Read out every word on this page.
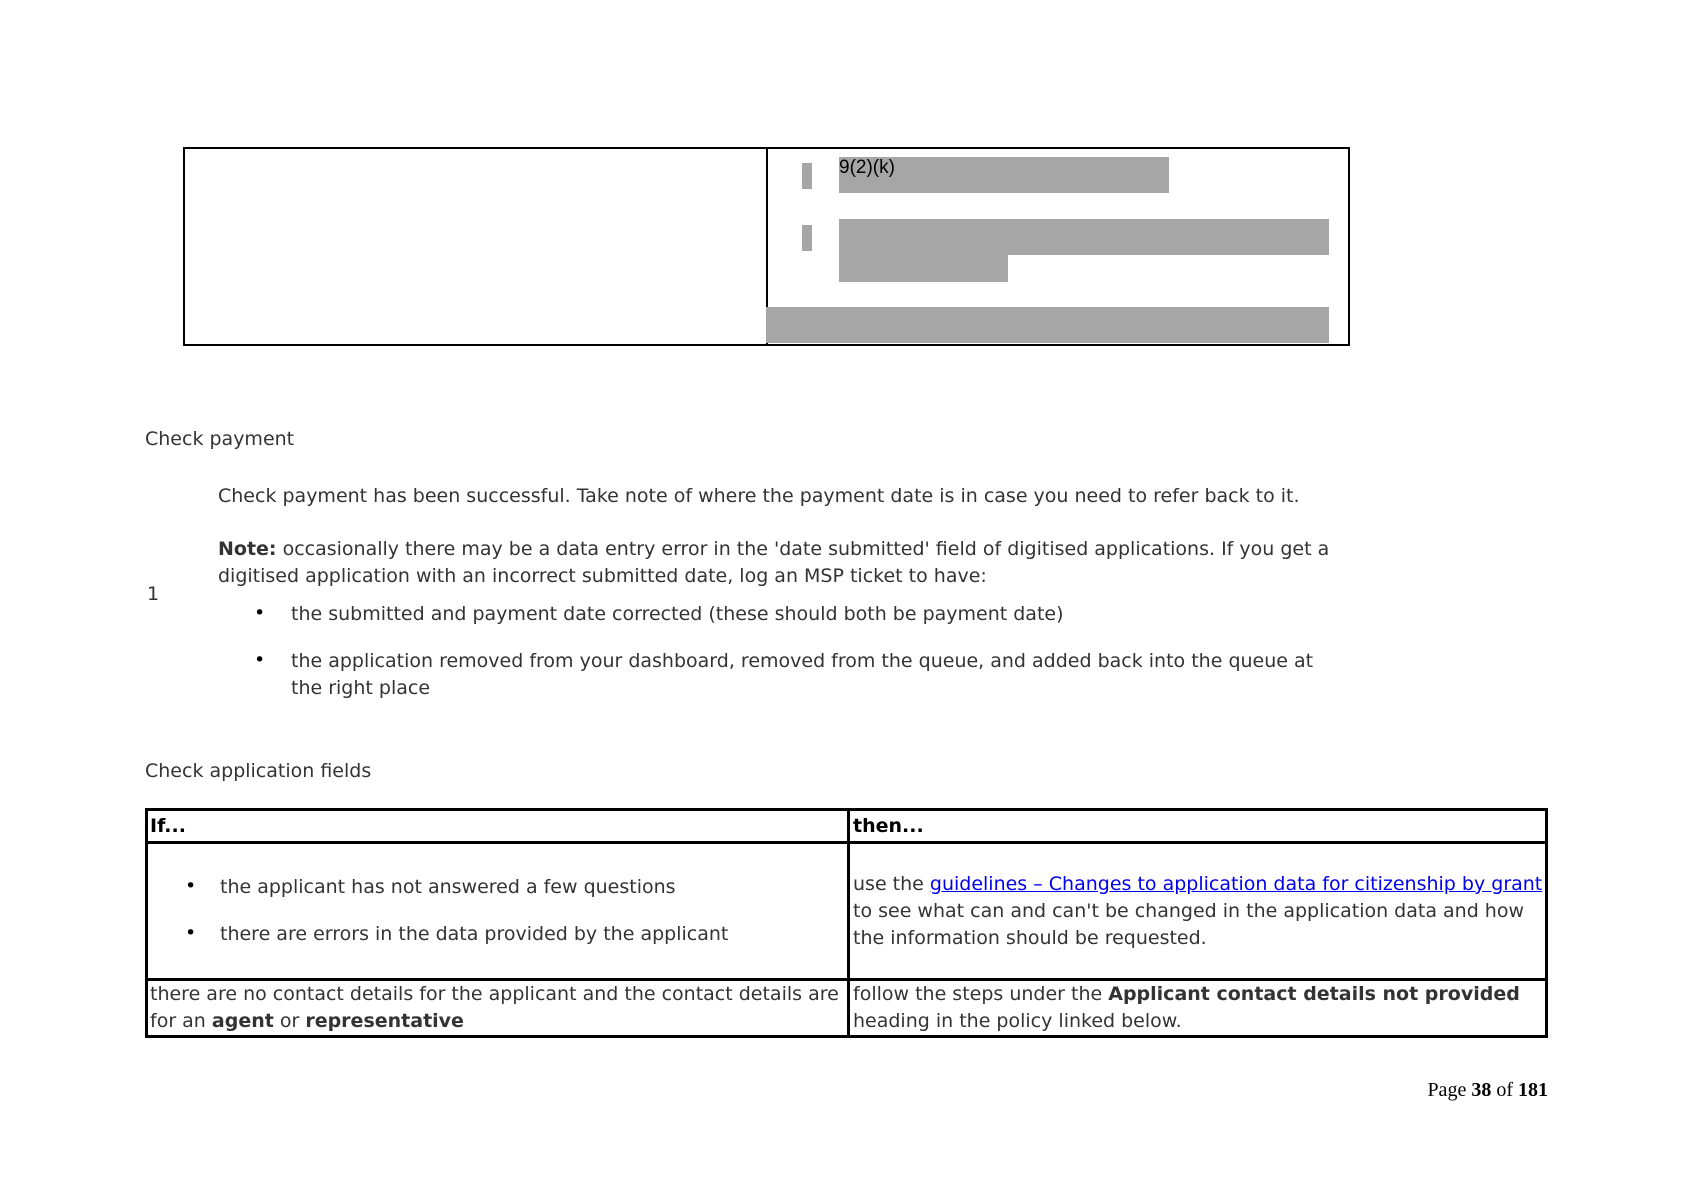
9(2)(k)
Check payment
1
Check payment has been successful. Take note of where the payment date is in case you need to refer back to it.
Note: occasionally there may be a data entry error in the 'date submitted' field of digitised applications. If you get a digitised application with an incorrect submitted date, log an MSP ticket to have:
• the submitted and payment date corrected (these should both be payment date)
• the application removed from your dashboard, removed from the queue, and added back into the queue at the right place
Check application fields
If...	then...
• the applicant has not answered a few questions
• there are errors in the data provided by the applicant
use the guidelines – Changes to application data for citizenship by grant to see what can and can't be changed in the application data and how the information should be requested.
there are no contact details for the applicant and the contact details are for an agent or representative
follow the steps under the Applicant contact details not provided heading in the policy linked below.
Page 38 of 181
